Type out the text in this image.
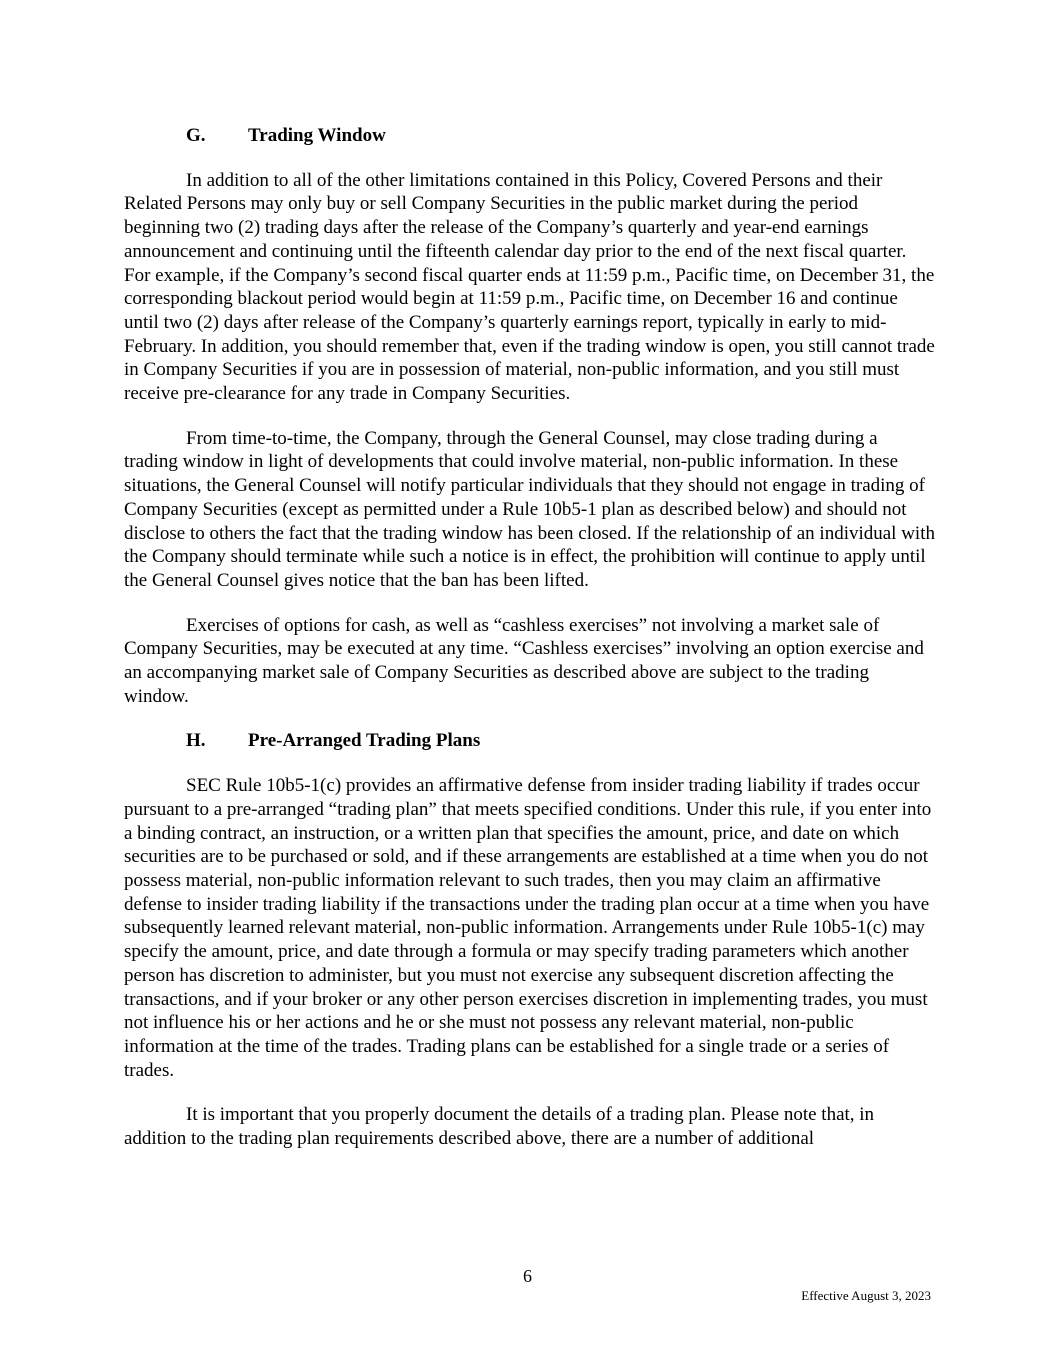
G.	Trading Window

In addition to all of the other limitations contained in this Policy, Covered Persons and their Related Persons may only buy or sell Company Securities in the public market during the period beginning two (2) trading days after the release of the Company’s quarterly and year-end earnings announcement and continuing until the fifteenth calendar day prior to the end of the next fiscal quarter. For example, if the Company’s second fiscal quarter ends at 11:59 p.m., Pacific time, on December 31, the corresponding blackout period would begin at 11:59 p.m., Pacific time, on December 16 and continue until two (2) days after release of the Company’s quarterly earnings report, typically in early to mid-February. In addition, you should remember that, even if the trading window is open, you still cannot trade in Company Securities if you are in possession of material, non-public information, and you still must receive pre-clearance for any trade in Company Securities.

From time-to-time, the Company, through the General Counsel, may close trading during a trading window in light of developments that could involve material, non-public information. In these situations, the General Counsel will notify particular individuals that they should not engage in trading of Company Securities (except as permitted under a Rule 10b5-1 plan as described below) and should not disclose to others the fact that the trading window has been closed. If the relationship of an individual with the Company should terminate while such a notice is in effect, the prohibition will continue to apply until the General Counsel gives notice that the ban has been lifted.

Exercises of options for cash, as well as “cashless exercises” not involving a market sale of Company Securities, may be executed at any time. “Cashless exercises” involving an option exercise and an accompanying market sale of Company Securities as described above are subject to the trading window.

H.	Pre-Arranged Trading Plans

SEC Rule 10b5-1(c) provides an affirmative defense from insider trading liability if trades occur pursuant to a pre-arranged “trading plan” that meets specified conditions. Under this rule, if you enter into a binding contract, an instruction, or a written plan that specifies the amount, price, and date on which securities are to be purchased or sold, and if these arrangements are established at a time when you do not possess material, non-public information relevant to such trades, then you may claim an affirmative defense to insider trading liability if the transactions under the trading plan occur at a time when you have subsequently learned relevant material, non-public information. Arrangements under Rule 10b5-1(c) may specify the amount, price, and date through a formula or may specify trading parameters which another person has discretion to administer, but you must not exercise any subsequent discretion affecting the transactions, and if your broker or any other person exercises discretion in implementing trades, you must not influence his or her actions and he or she must not possess any relevant material, non-public information at the time of the trades. Trading plans can be established for a single trade or a series of trades.

It is important that you properly document the details of a trading plan. Please note that, in addition to the trading plan requirements described above, there are a number of additional

6
Effective August 3, 2023
